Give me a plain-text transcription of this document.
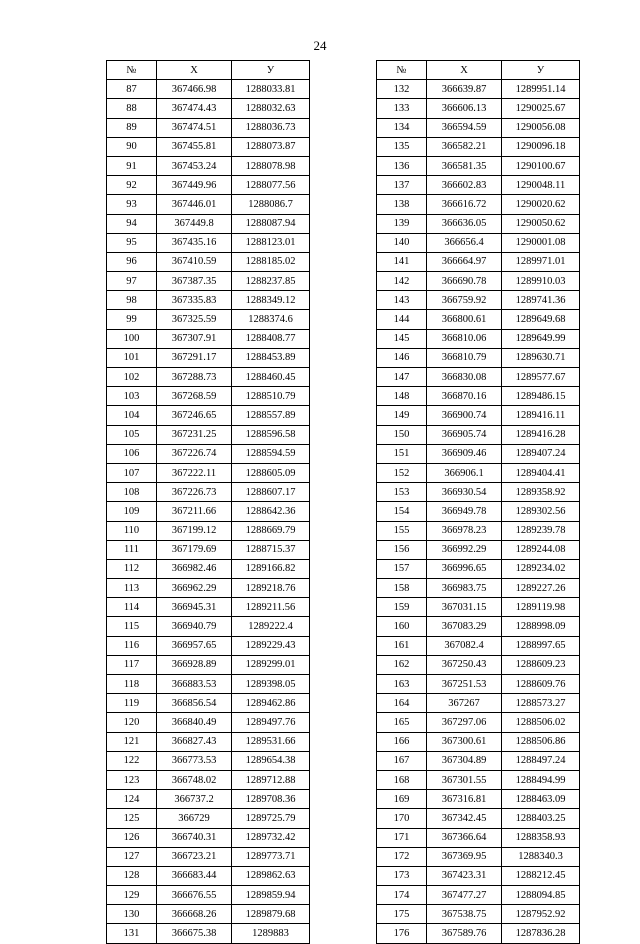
24
№	X	У
87	367466.98	1288033.81
88	367474.43	1288032.63
89	367474.51	1288036.73
90	367455.81	1288073.87
91	367453.24	1288078.98
92	367449.96	1288077.56
93	367446.01	1288086.7
94	367449.8	1288087.94
95	367435.16	1288123.01
96	367410.59	1288185.02
97	367387.35	1288237.85
98	367335.83	1288349.12
99	367325.59	1288374.6
100	367307.91	1288408.77
101	367291.17	1288453.89
102	367288.73	1288460.45
103	367268.59	1288510.79
104	367246.65	1288557.89
105	367231.25	1288596.58
106	367226.74	1288594.59
107	367222.11	1288605.09
108	367226.73	1288607.17
109	367211.66	1288642.36
110	367199.12	1288669.79
111	367179.69	1288715.37
112	366982.46	1289166.82
113	366962.29	1289218.76
114	366945.31	1289211.56
115	366940.79	1289222.4
116	366957.65	1289229.43
117	366928.89	1289299.01
118	366883.53	1289398.05
119	366856.54	1289462.86
120	366840.49	1289497.76
121	366827.43	1289531.66
122	366773.53	1289654.38
123	366748.02	1289712.88
124	366737.2	1289708.36
125	366729	1289725.79
126	366740.31	1289732.42
127	366723.21	1289773.71
128	366683.44	1289862.63
129	366676.55	1289859.94
130	366668.26	1289879.68
131	366675.38	1289883
№	X	У
132	366639.87	1289951.14
133	366606.13	1290025.67
134	366594.59	1290056.08
135	366582.21	1290096.18
136	366581.35	1290100.67
137	366602.83	1290048.11
138	366616.72	1290020.62
139	366636.05	1290050.62
140	366656.4	1290001.08
141	366664.97	1289971.01
142	366690.78	1289910.03
143	366759.92	1289741.36
144	366800.61	1289649.68
145	366810.06	1289649.99
146	366810.79	1289630.71
147	366830.08	1289577.67
148	366870.16	1289486.15
149	366900.74	1289416.11
150	366905.74	1289416.28
151	366909.46	1289407.24
152	366906.1	1289404.41
153	366930.54	1289358.92
154	366949.78	1289302.56
155	366978.23	1289239.78
156	366992.29	1289244.08
157	366996.65	1289234.02
158	366983.75	1289227.26
159	367031.15	1289119.98
160	367083.29	1288998.09
161	367082.4	1288997.65
162	367250.43	1288609.23
163	367251.53	1288609.76
164	367267	1288573.27
165	367297.06	1288506.02
166	367300.61	1288506.86
167	367304.89	1288497.24
168	367301.55	1288494.99
169	367316.81	1288463.09
170	367342.45	1288403.25
171	367366.64	1288358.93
172	367369.95	1288340.3
173	367423.31	1288212.45
174	367477.27	1288094.85
175	367538.75	1287952.92
176	367589.76	1287836.28
